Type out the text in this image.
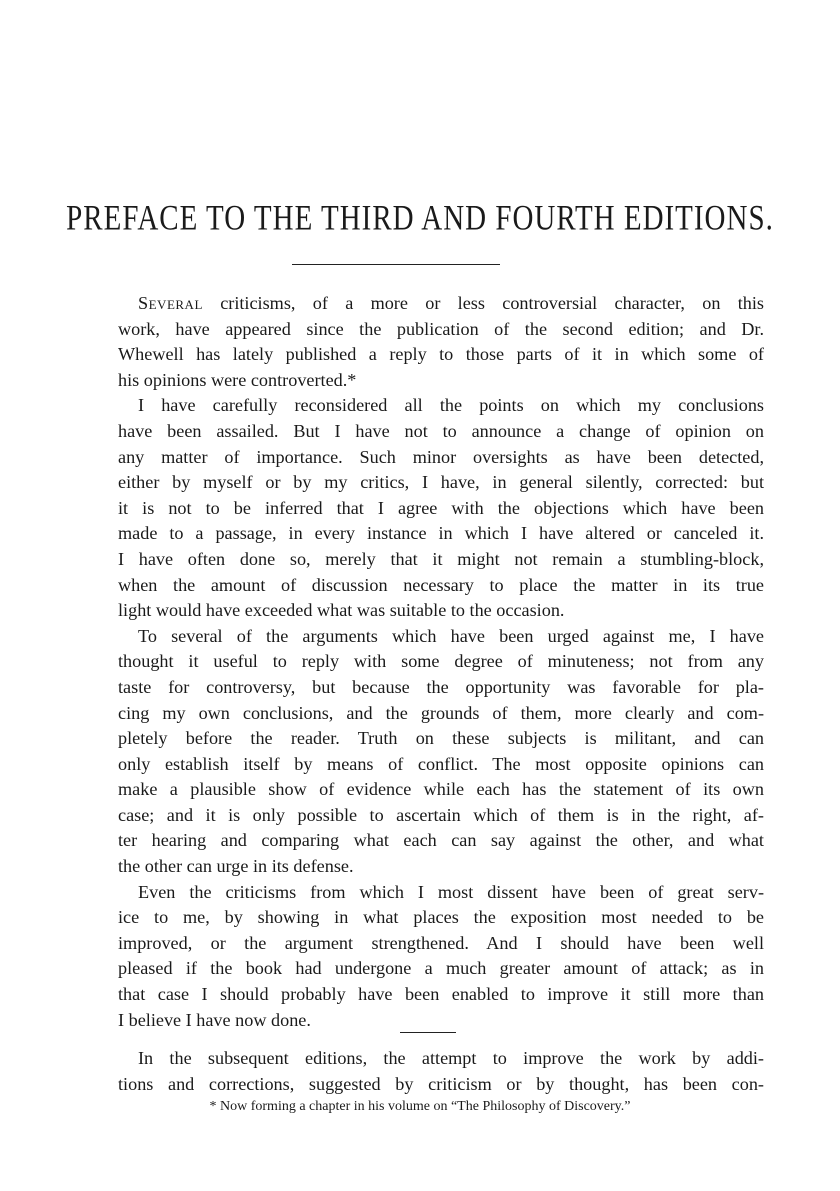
PREFACE TO THE THIRD AND FOURTH EDITIONS.
Several criticisms, of a more or less controversial character, on this
work, have appeared since the publication of the second edition; and Dr.
Whewell has lately published a reply to those parts of it in which some of
his opinions were controverted.*
I have carefully reconsidered all the points on which my conclusions
have been assailed. But I have not to announce a change of opinion on
any matter of importance. Such minor oversights as have been detected,
either by myself or by my critics, I have, in general silently, corrected: but
it is not to be inferred that I agree with the objections which have been
made to a passage, in every instance in which I have altered or canceled it.
I have often done so, merely that it might not remain a stumbling-block,
when the amount of discussion necessary to place the matter in its true
light would have exceeded what was suitable to the occasion.
To several of the arguments which have been urged against me, I have
thought it useful to reply with some degree of minuteness; not from any
taste for controversy, but because the opportunity was favorable for pla-
cing my own conclusions, and the grounds of them, more clearly and com-
pletely before the reader. Truth on these subjects is militant, and can
only establish itself by means of conflict. The most opposite opinions can
make a plausible show of evidence while each has the statement of its own
case; and it is only possible to ascertain which of them is in the right, af-
ter hearing and comparing what each can say against the other, and what
the other can urge in its defense.
Even the criticisms from which I most dissent have been of great serv-
ice to me, by showing in what places the exposition most needed to be
improved, or the argument strengthened. And I should have been well
pleased if the book had undergone a much greater amount of attack; as in
that case I should probably have been enabled to improve it still more than
I believe I have now done.
In the subsequent editions, the attempt to improve the work by addi-
tions and corrections, suggested by criticism or by thought, has been con-
* Now forming a chapter in his volume on “The Philosophy of Discovery.”
